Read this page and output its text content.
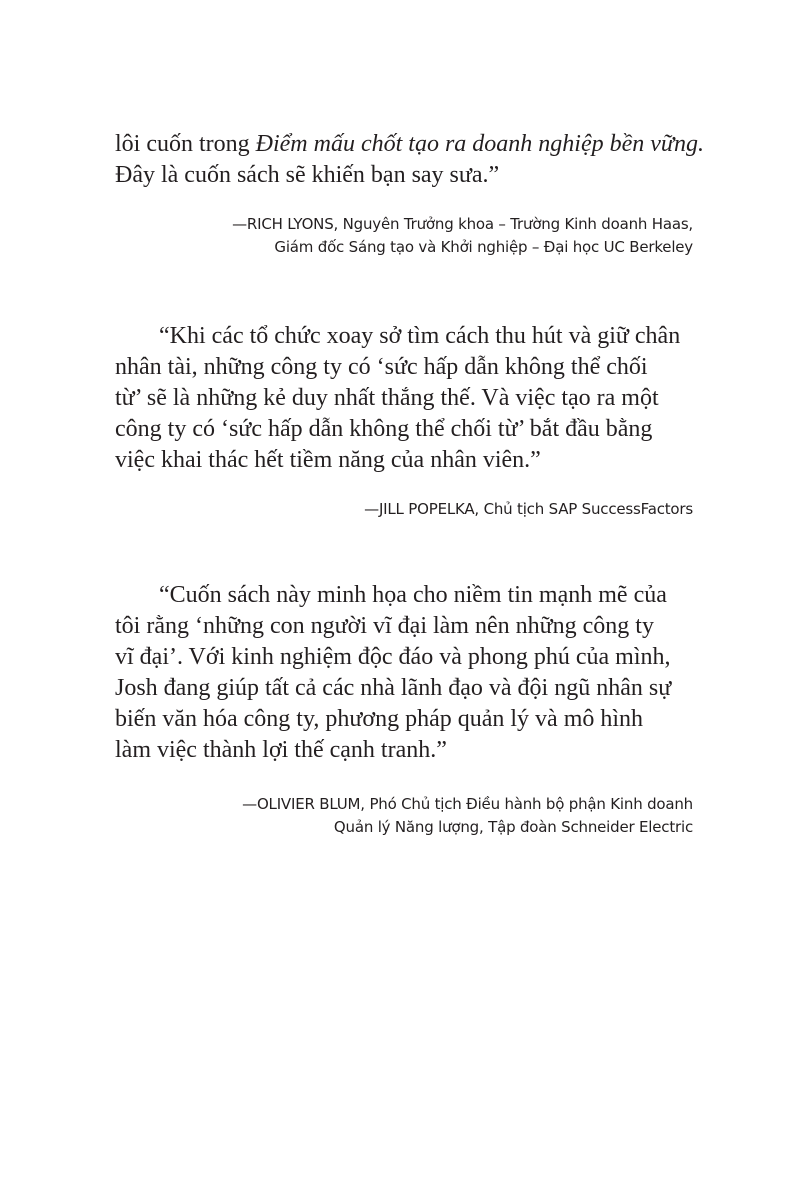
lôi cuốn trong Điểm mấu chốt tạo ra doanh nghiệp bền vững.
Đây là cuốn sách sẽ khiến bạn say sưa.”

—RICH LYONS, Nguyên Trưởng khoa – Trường Kinh doanh Haas,
Giám đốc Sáng tạo và Khởi nghiệp – Đại học UC Berkeley

“Khi các tổ chức xoay sở tìm cách thu hút và giữ chân
nhân tài, những công ty có ‘sức hấp dẫn không thể chối
từ’ sẽ là những kẻ duy nhất thắng thế. Và việc tạo ra một
công ty có ‘sức hấp dẫn không thể chối từ’ bắt đầu bằng
việc khai thác hết tiềm năng của nhân viên.”

—JILL POPELKA, Chủ tịch SAP SuccessFactors

“Cuốn sách này minh họa cho niềm tin mạnh mẽ của
tôi rằng ‘những con người vĩ đại làm nên những công ty
vĩ đại’. Với kinh nghiệm độc đáo và phong phú của mình,
Josh đang giúp tất cả các nhà lãnh đạo và đội ngũ nhân sự
biến văn hóa công ty, phương pháp quản lý và mô hình
làm việc thành lợi thế cạnh tranh.”

—OLIVIER BLUM, Phó Chủ tịch Điều hành bộ phận Kinh doanh
Quản lý Năng lượng, Tập đoàn Schneider Electric
